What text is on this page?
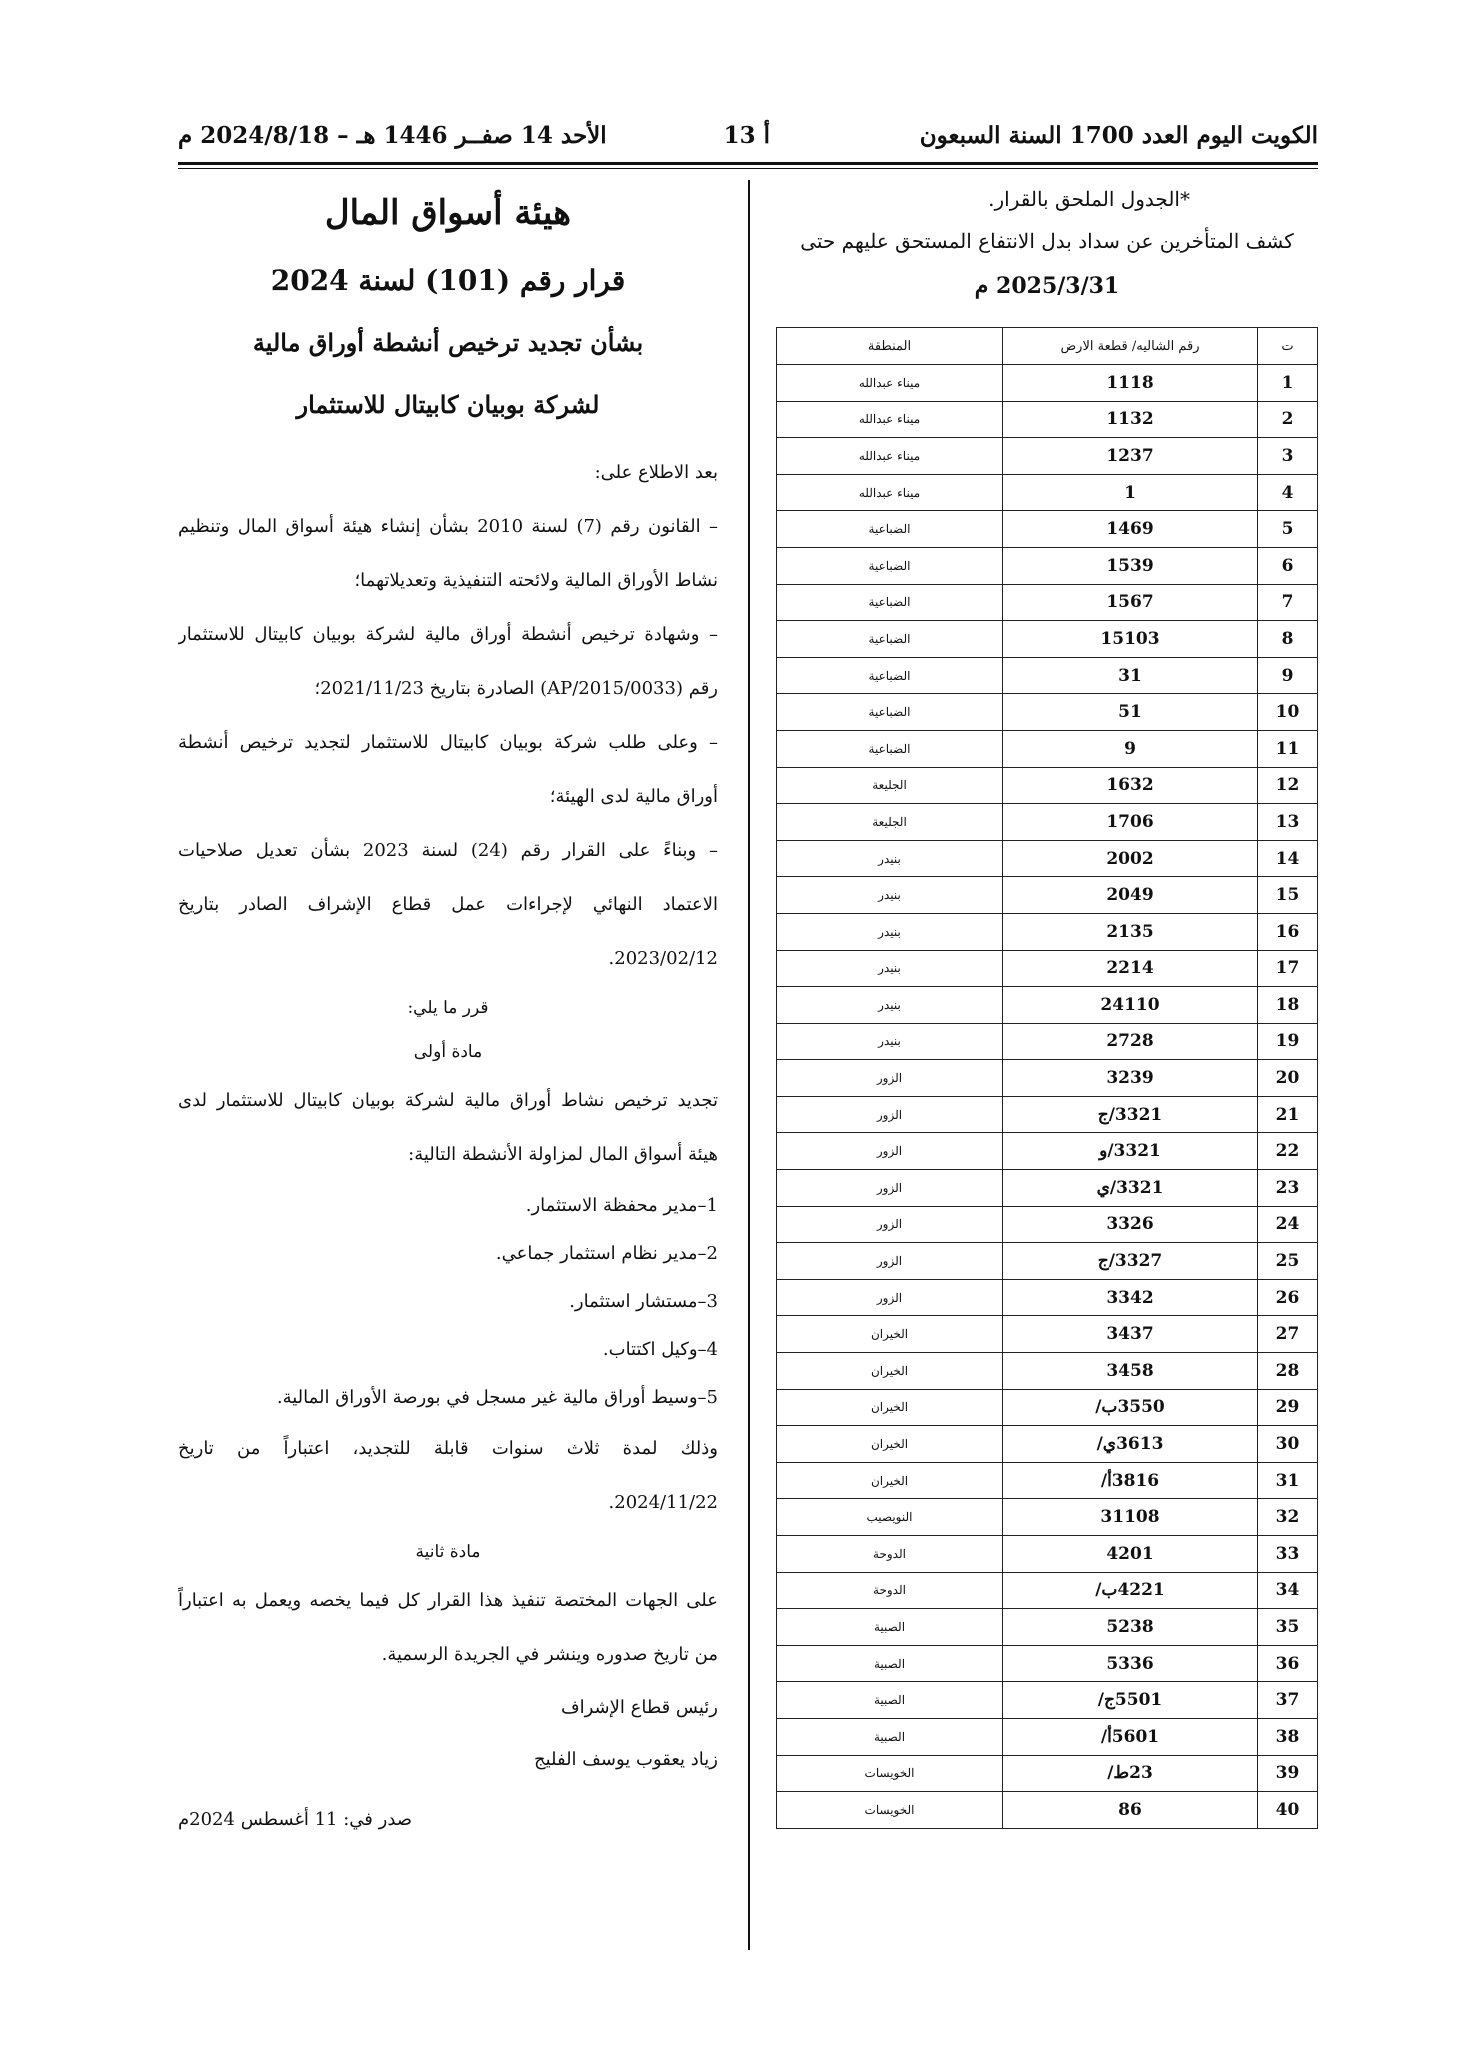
الكويت اليوم العدد 1700 السنة السبعون
أ 13
الأحد 14 صفــر 1446 هـ – 2024/8/18 م
*الجدول الملحق بالقرار.
كشف المتأخرين عن سداد بدل الانتفاع المستحق عليهم حتى
2025/3/31 م
ت	رقم الشاليه/ قطعة الارض	المنطقة
1	1118	ميناء عبدالله
2	1132	ميناء عبدالله
3	1237	ميناء عبدالله
4	1	ميناء عبدالله
5	1469	الضباعية
6	1539	الضباعية
7	1567	الضباعية
8	15103	الضباعية
9	31	الضباعية
10	51	الضباعية
11	9	الضباعية
12	1632	الجليعة
13	1706	الجليعة
14	2002	بنيدر
15	2049	بنيدر
16	2135	بنيدر
17	2214	بنيدر
18	24110	بنيدر
19	2728	بنيدر
20	3239	الزور
21	3321/ج	الزور
22	3321/و	الزور
23	3321/ي	الزور
24	3326	الزور
25	3327/ج	الزور
26	3342	الزور
27	3437	الخيران
28	3458	الخيران
29	3550ب/	الخيران
30	3613ي/	الخيران
31	3816أ/	الخيران
32	31108	النويصيب
33	4201	الدوحة
34	4221ب/	الدوحة
35	5238	الصبية
36	5336	الصبية
37	5501ج/	الصبية
38	5601أ/	الصبية
39	23ط/	الخويسات
40	86	الخويسات
هيئة أسواق المال
قرار رقم (101) لسنة 2024
بشأن تجديد ترخيص أنشطة أوراق مالية
لشركة بوبيان كابيتال للاستثمار
بعد الاطلاع على:
– القانون رقم (7) لسنة 2010 بشأن إنشاء هيئة أسواق المال وتنظيم
نشاط الأوراق المالية ولائحته التنفيذية وتعديلاتهما؛
– وشهادة ترخيص أنشطة أوراق مالية لشركة بوبيان كابيتال للاستثمار
رقم (AP/2015/0033) الصادرة بتاريخ 2021/11/23؛
– وعلى طلب شركة بوبيان كابيتال للاستثمار لتجديد ترخيص أنشطة
أوراق مالية لدى الهيئة؛
– وبناءً على القرار رقم (24) لسنة 2023 بشأن تعديل صلاحيات
الاعتماد النهائي لإجراءات عمل قطاع الإشراف الصادر بتاريخ
2023/02/12.
قرر ما يلي:
مادة أولى
تجديد ترخيص نشاط أوراق مالية لشركة بوبيان كابيتال للاستثمار لدى
هيئة أسواق المال لمزاولة الأنشطة التالية:
1–مدير محفظة الاستثمار.
2–مدير نظام استثمار جماعي.
3–مستشار استثمار.
4–وكيل اكتتاب.
5–وسيط أوراق مالية غير مسجل في بورصة الأوراق المالية.
وذلك لمدة ثلاث سنوات قابلة للتجديد، اعتباراً من تاريخ
2024/11/22.
مادة ثانية
على الجهات المختصة تنفيذ هذا القرار كل فيما يخصه ويعمل به اعتباراً
من تاريخ صدوره وينشر في الجريدة الرسمية.
رئيس قطاع الإشراف
زياد يعقوب يوسف الفليج
صدر في: 11 أغسطس 2024م
